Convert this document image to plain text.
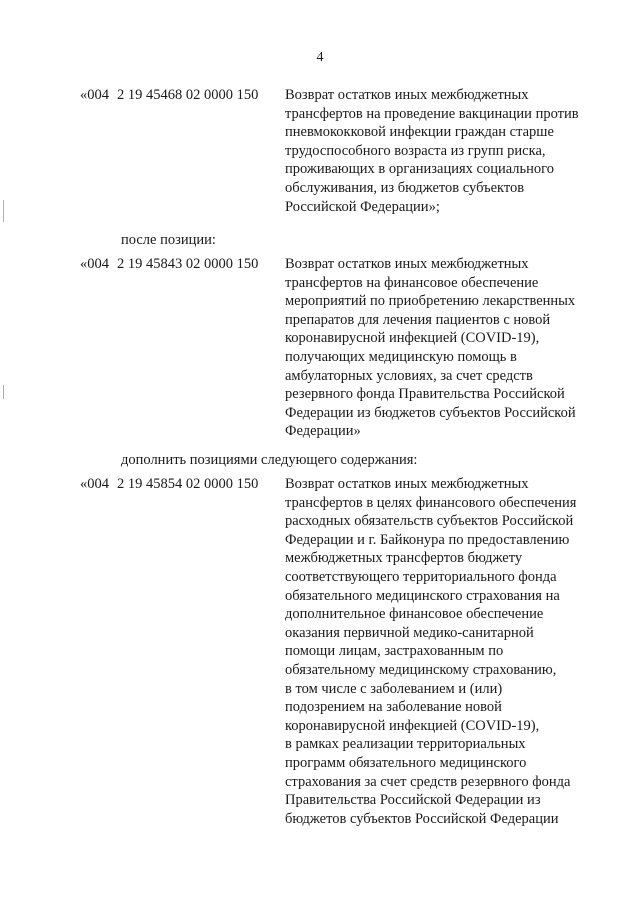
4
«004 2 19 45468 02 0000 150 Возврат остатков иных межбюджетных
трансфертов на проведение вакцинации против
пневмококковой инфекции граждан старше
трудоспособного возраста из групп риска,
проживающих в организациях социального
обслуживания, из бюджетов субъектов
Российской Федерации»;
после позиции:
«004 2 19 45843 02 0000 150 Возврат остатков иных межбюджетных
трансфертов на финансовое обеспечение
мероприятий по приобретению лекарственных
препаратов для лечения пациентов с новой
коронавирусной инфекцией (COVID-19),
получающих медицинскую помощь в
амбулаторных условиях, за счет средств
резервного фонда Правительства Российской
Федерации из бюджетов субъектов Российской
Федерации»
дополнить позициями следующего содержания:
«004 2 19 45854 02 0000 150 Возврат остатков иных межбюджетных
трансфертов в целях финансового обеспечения
расходных обязательств субъектов Российской
Федерации и г. Байконура по предоставлению
межбюджетных трансфертов бюджету
соответствующего территориального фонда
обязательного медицинского страхования на
дополнительное финансовое обеспечение
оказания первичной медико-санитарной
помощи лицам, застрахованным по
обязательному медицинскому страхованию,
в том числе с заболеванием и (или)
подозрением на заболевание новой
коронавирусной инфекцией (COVID-19),
в рамках реализации территориальных
программ обязательного медицинского
страхования за счет средств резервного фонда
Правительства Российской Федерации из
бюджетов субъектов Российской Федерации
